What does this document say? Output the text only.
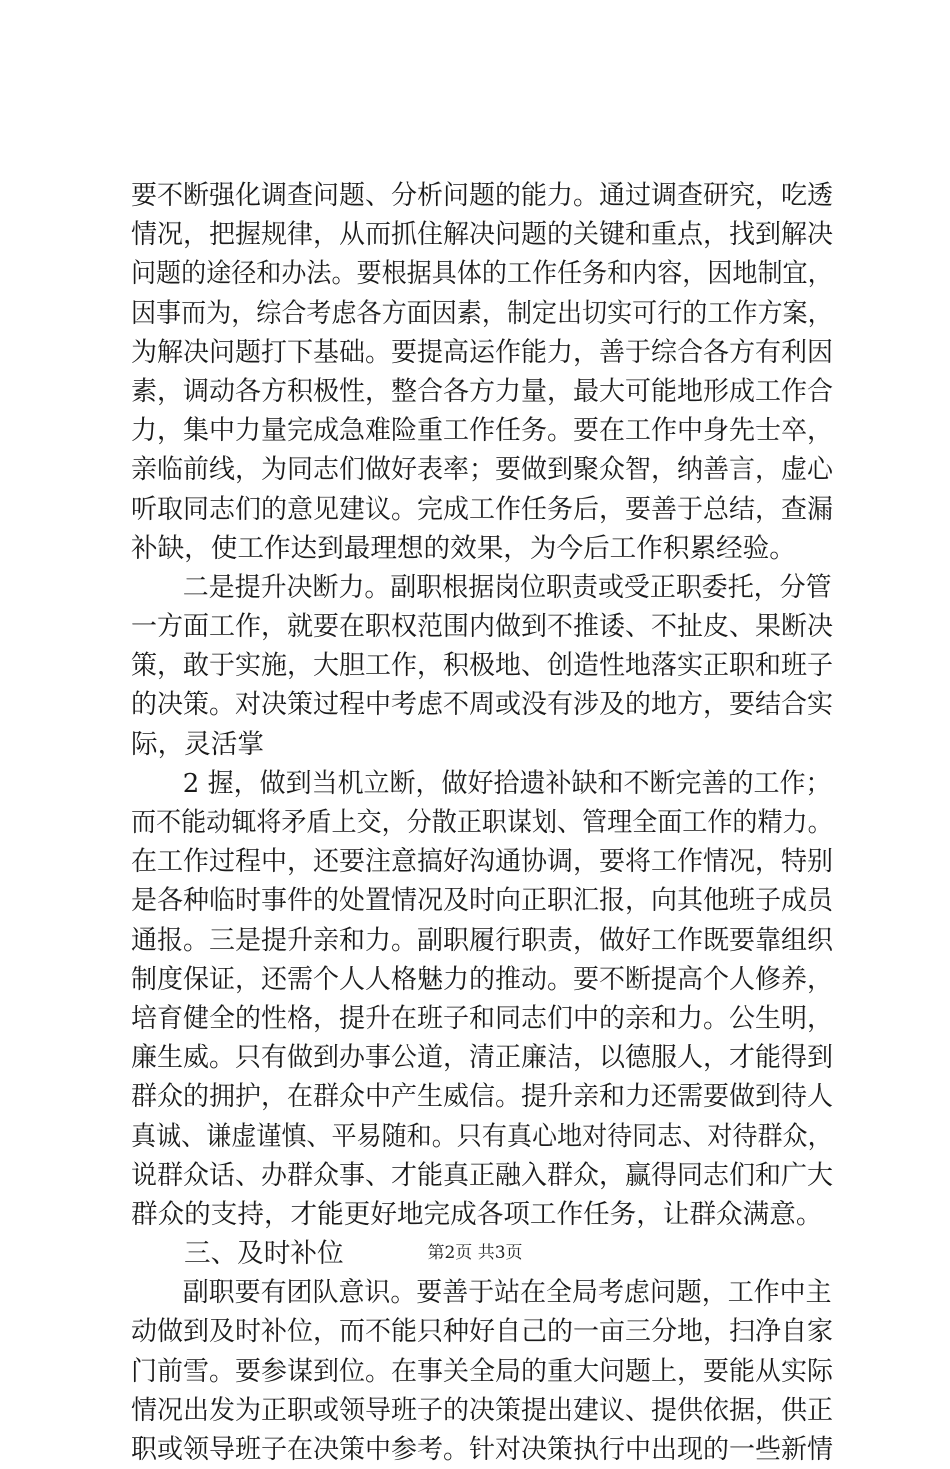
要不断强化调查问题、分析问题的能力。通过调查研究，吃透
情况，把握规律，从而抓住解决问题的关键和重点，找到解决
问题的途径和办法。要根据具体的工作任务和内容，因地制宜，
因事而为，综合考虑各方面因素，制定出切实可行的工作方案，
为解决问题打下基础。要提高运作能力，善于综合各方有利因
素，调动各方积极性，整合各方力量，最大可能地形成工作合
力，集中力量完成急难险重工作任务。要在工作中身先士卒，
亲临前线，为同志们做好表率；要做到聚众智，纳善言，虚心
听取同志们的意见建议。完成工作任务后，要善于总结，查漏
补缺，使工作达到最理想的效果，为今后工作积累经验。
二是提升决断力。副职根据岗位职责或受正职委托，分管
一方面工作，就要在职权范围内做到不推诿、不扯皮、果断决
策，敢于实施，大胆工作，积极地、创造性地落实正职和班子
的决策。对决策过程中考虑不周或没有涉及的地方，要结合实
际，灵活掌
2 握，做到当机立断，做好拾遗补缺和不断完善的工作；
而不能动辄将矛盾上交，分散正职谋划、管理全面工作的精力。
在工作过程中，还要注意搞好沟通协调，要将工作情况，特别
是各种临时事件的处置情况及时向正职汇报，向其他班子成员
通报。三是提升亲和力。副职履行职责，做好工作既要靠组织
制度保证，还需个人人格魅力的推动。要不断提高个人修养，
培育健全的性格，提升在班子和同志们中的亲和力。公生明，
廉生威。只有做到办事公道，清正廉洁，以德服人，才能得到
群众的拥护，在群众中产生威信。提升亲和力还需要做到待人
真诚、谦虚谨慎、平易随和。只有真心地对待同志、对待群众，
说群众话、办群众事、才能真正融入群众，赢得同志们和广大
群众的支持，才能更好地完成各项工作任务，让群众满意。
三、及时补位
副职要有团队意识。要善于站在全局考虑问题，工作中主
动做到及时补位，而不能只种好自己的一亩三分地，扫净自家
门前雪。要参谋到位。在事关全局的重大问题上，要能从实际
情况出发为正职或领导班子的决策提出建议、提供依据，供正
职或领导班子在决策中参考。针对决策执行中出现的一些新情
第2页 共3页
